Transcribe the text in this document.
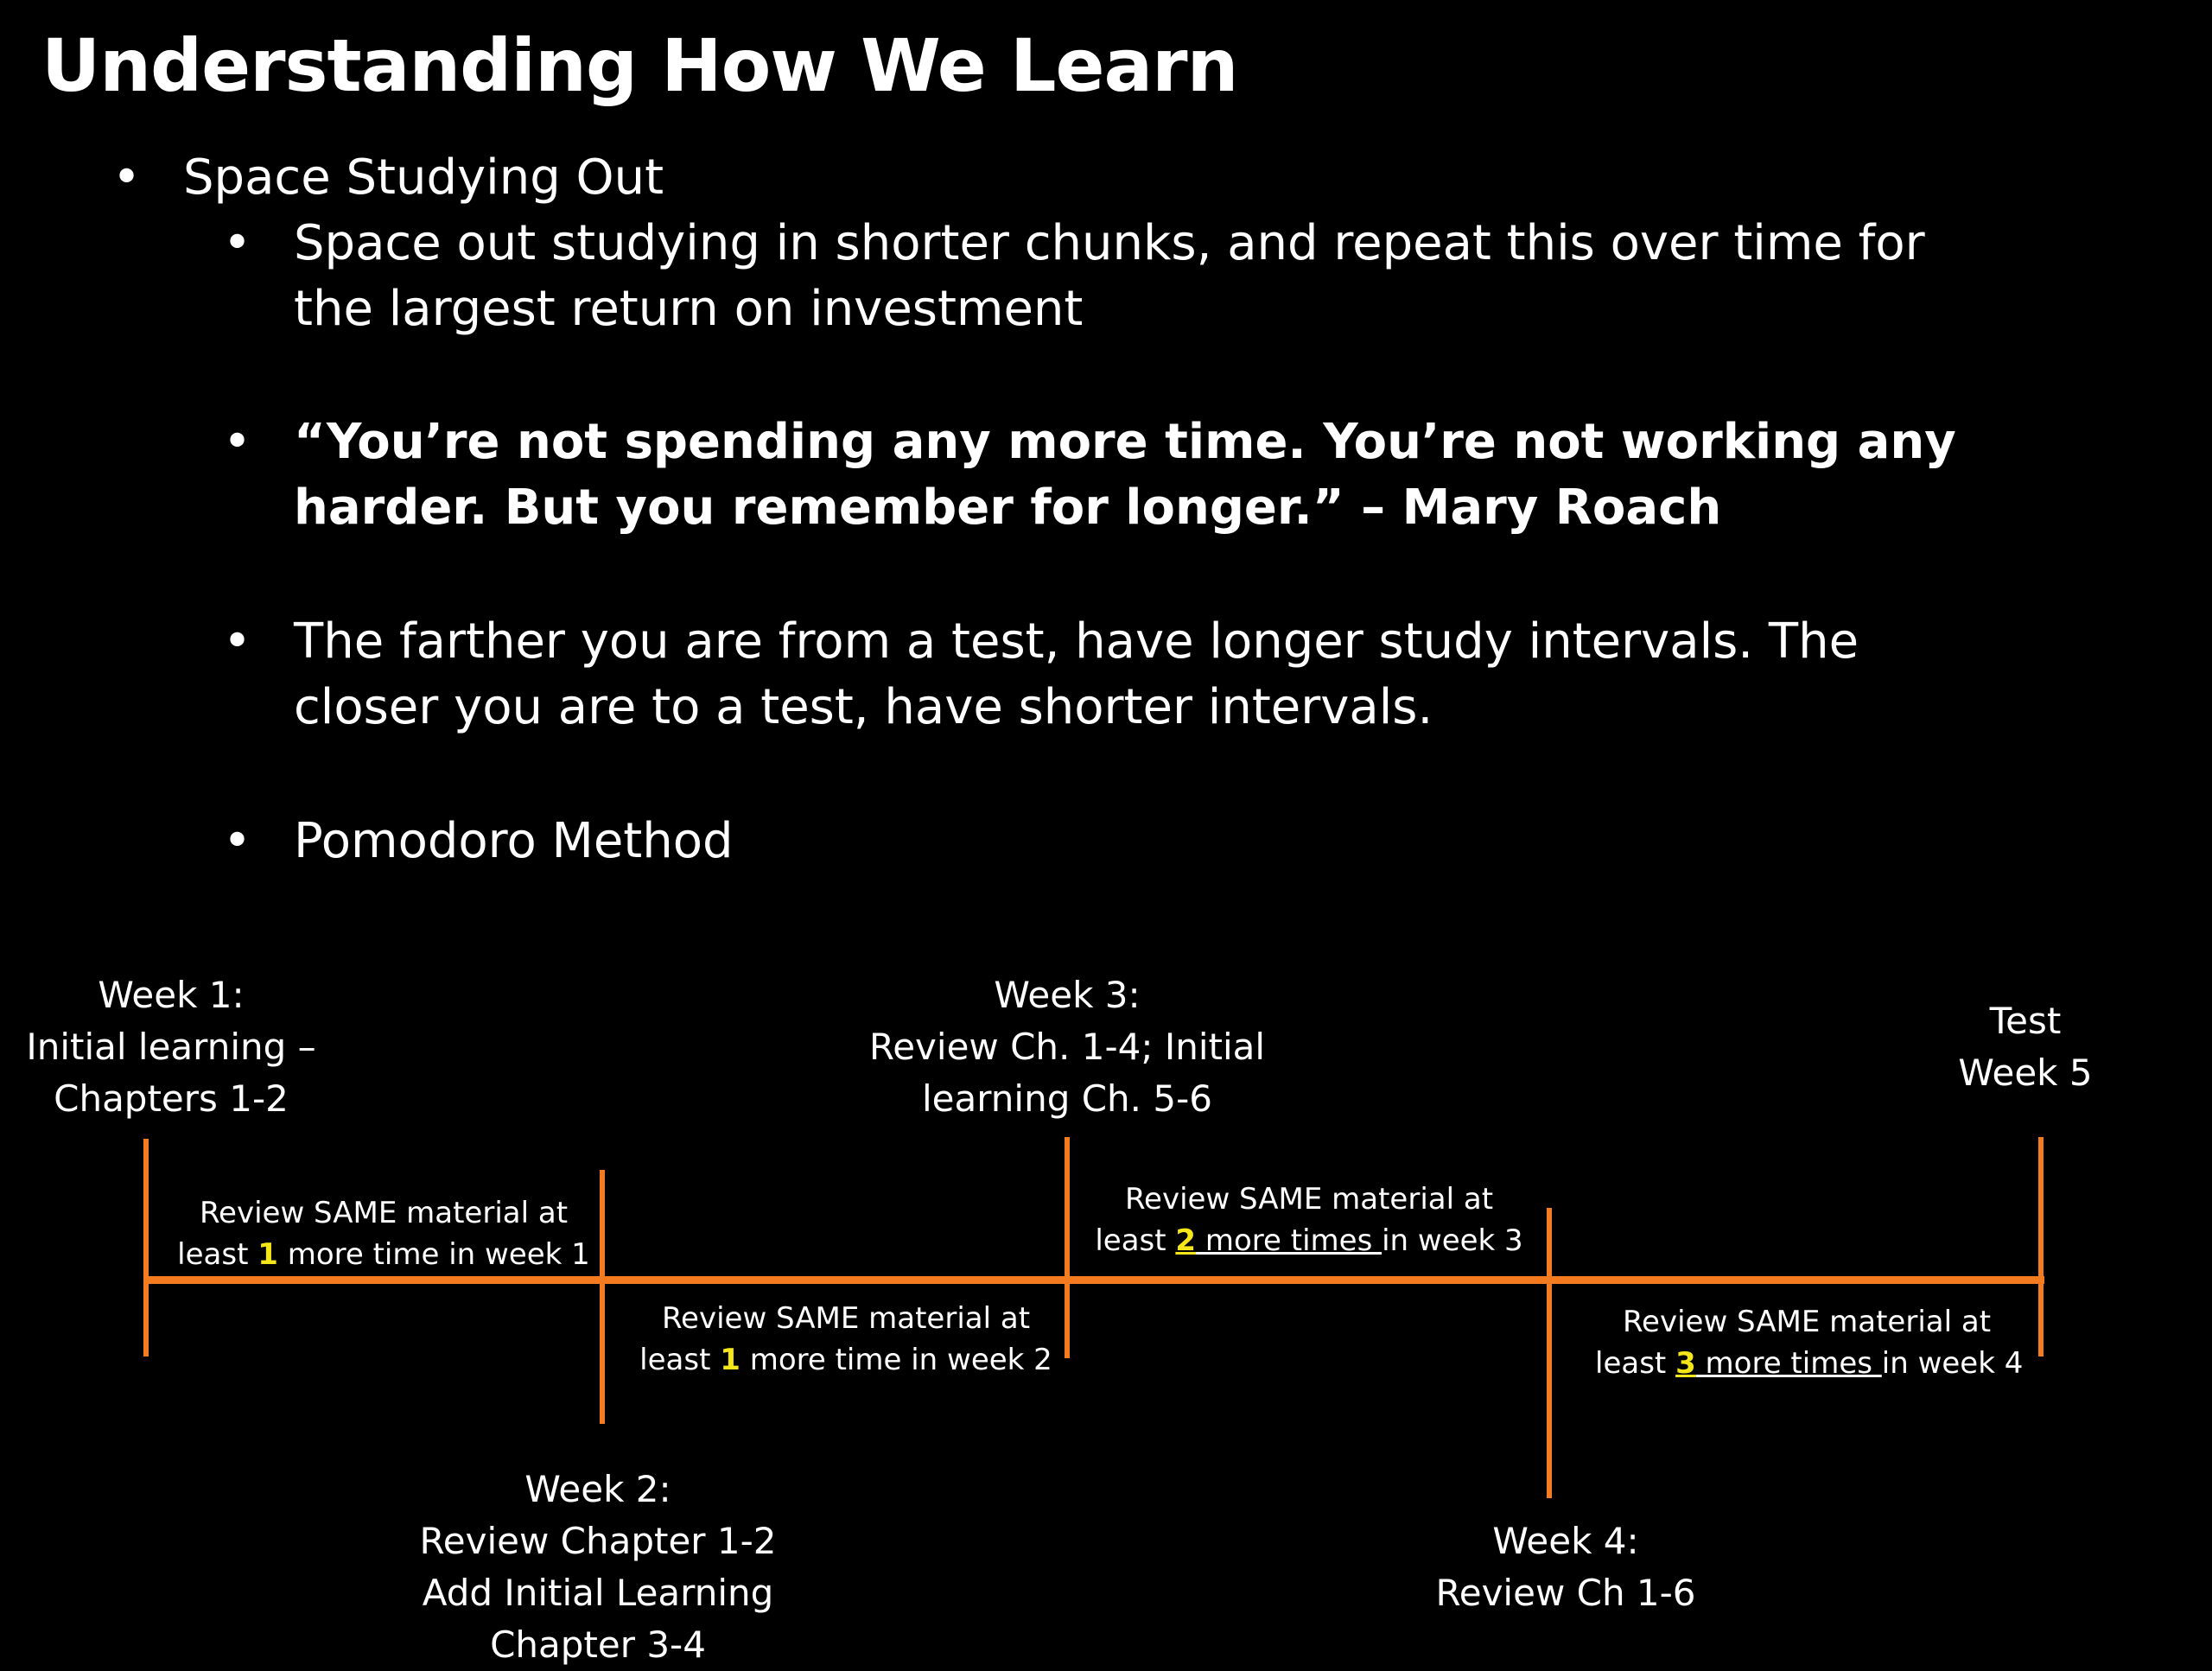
Understanding How We Learn
• Space Studying Out
• Space out studying in shorter chunks, and repeat this over time for the largest return on investment
• “You’re not spending any more time. You’re not working any harder. But you remember for longer.” – Mary Roach
• The farther you are from a test, have longer study intervals. The closer you are to a test, have shorter intervals.
• Pomodoro Method
Week 1:
Initial learning –
Chapters 1-2
Week 2:
Review Chapter 1-2
Add Initial Learning
Chapter 3-4
Week 3:
Review Ch. 1-4; Initial
learning Ch. 5-6
Week 4:
Review Ch 1-6
Test
Week 5
Review SAME material at
least 1 more time in week 1
Review SAME material at
least 1 more time in week 2
Review SAME material at
least 2 more times in week 3
Review SAME material at
least 3 more times in week 4
